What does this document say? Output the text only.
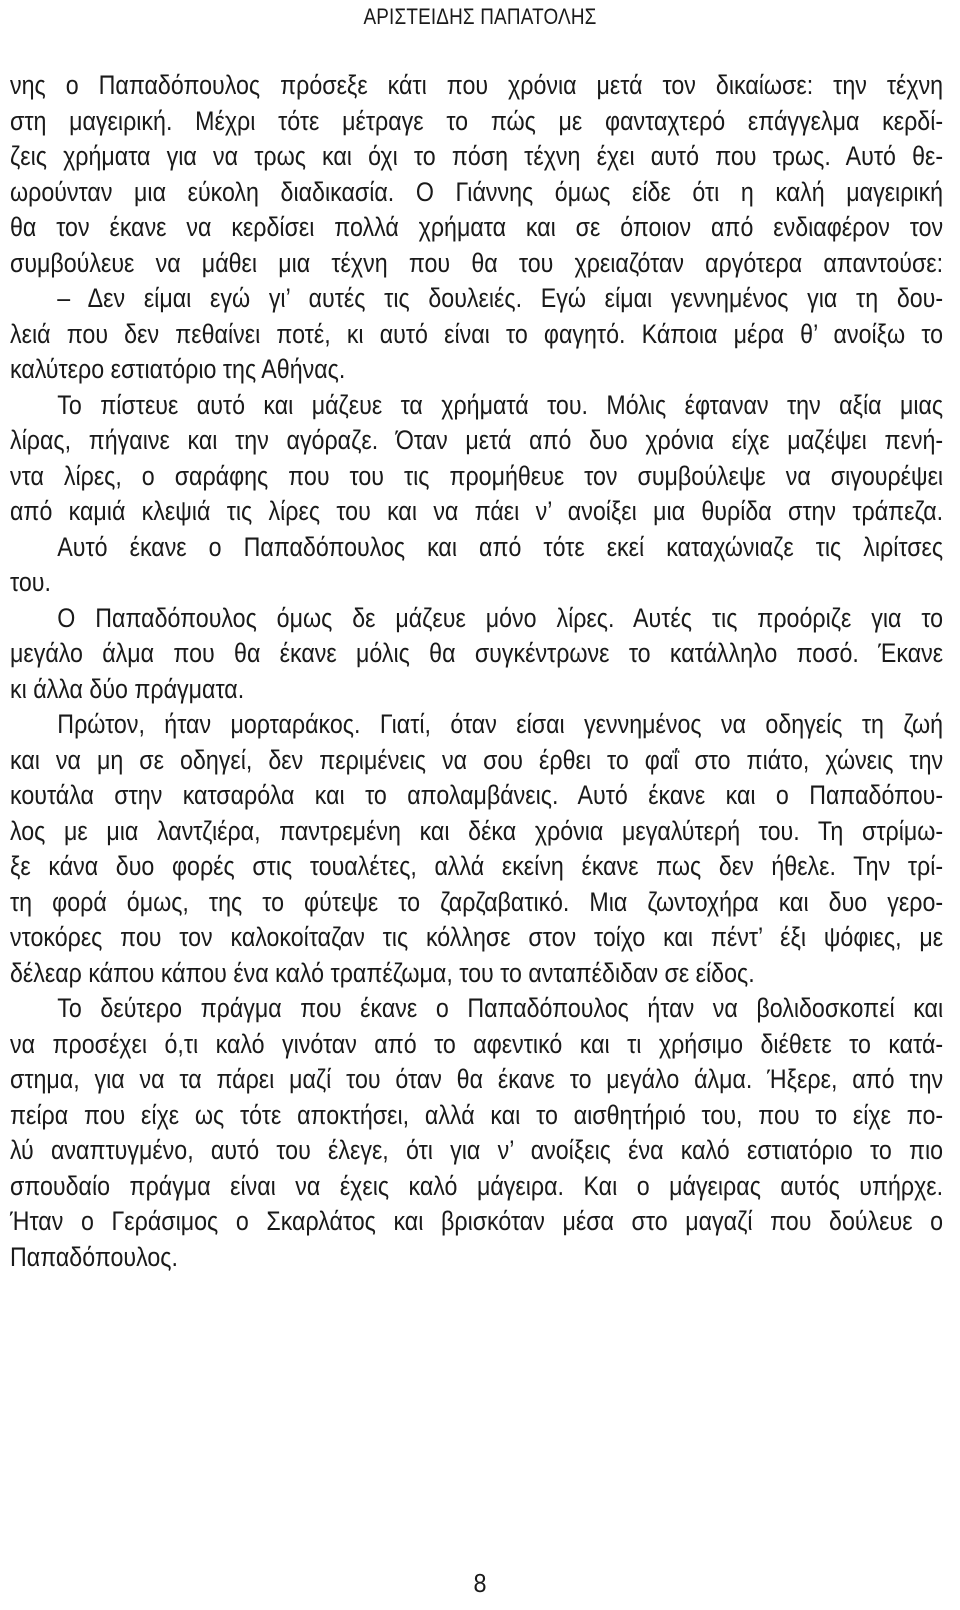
ΑΡΙΣΤΕΙΔΗΣ ΠΑΠΑΤΟΛΗΣ
νης ο Παπαδόπουλος πρόσεξε κάτι που χρόνια μετά τον δικαίωσε: την τέχνη
στη μαγειρική. Μέχρι τότε μέτραγε το πώς με φανταχτερό επάγγελμα κερδί-
ζεις χρήματα για να τρως και όχι το πόση τέχνη έχει αυτό που τρως. Αυτό θε-
ωρούνταν μια εύκολη διαδικασία. Ο Γιάννης όμως είδε ότι η καλή μαγειρική
θα τον έκανε να κερδίσει πολλά χρήματα και σε όποιον από ενδιαφέρον τον
συμβούλευε να μάθει μια τέχνη που θα του χρειαζόταν αργότερα απαντούσε:
– Δεν είμαι εγώ γι’ αυτές τις δουλειές. Εγώ είμαι γεννημένος για τη δου-
λειά που δεν πεθαίνει ποτέ, κι αυτό είναι το φαγητό. Κάποια μέρα θ’ ανοίξω το
καλύτερο εστιατόριο της Αθήνας.
Το πίστευε αυτό και μάζευε τα χρήματά του. Μόλις έφταναν την αξία μιας
λίρας, πήγαινε και την αγόραζε. Όταν μετά από δυο χρόνια είχε μαζέψει πενή-
ντα λίρες, ο σαράφης που του τις προμήθευε τον συμβούλεψε να σιγουρέψει
από καμιά κλεψιά τις λίρες του και να πάει ν’ ανοίξει μια θυρίδα στην τράπεζα.
Αυτό έκανε ο Παπαδόπουλος και από τότε εκεί καταχώνιαζε τις λιρίτσες
του.
Ο Παπαδόπουλος όμως δε μάζευε μόνο λίρες. Αυτές τις προόριζε για το
μεγάλο άλμα που θα έκανε μόλις θα συγκέντρωνε το κατάλληλο ποσό. Έκανε
κι άλλα δύο πράγματα.
Πρώτον, ήταν μορταράκος. Γιατί, όταν είσαι γεννημένος να οδηγείς τη ζωή
και να μη σε οδηγεί, δεν περιμένεις να σου έρθει το φαΐ στο πιάτο, χώνεις την
κουτάλα στην κατσαρόλα και το απολαμβάνεις. Αυτό έκανε και ο Παπαδόπου-
λος με μια λαντζιέρα, παντρεμένη και δέκα χρόνια μεγαλύτερή του. Τη στρίμω-
ξε κάνα δυο φορές στις τουαλέτες, αλλά εκείνη έκανε πως δεν ήθελε. Την τρί-
τη φορά όμως, της το φύτεψε το ζαρζαβατικό. Μια ζωντοχήρα και δυο γερο-
ντοκόρες που τον καλοκοίταζαν τις κόλλησε στον τοίχο και πέντ’ έξι ψόφιες, με
δέλεαρ κάπου κάπου ένα καλό τραπέζωμα, του το ανταπέδιδαν σε είδος.
Το δεύτερο πράγμα που έκανε ο Παπαδόπουλος ήταν να βολιδοσκοπεί και
να προσέχει ό,τι καλό γινόταν από το αφεντικό και τι χρήσιμο διέθετε το κατά-
στημα, για να τα πάρει μαζί του όταν θα έκανε το μεγάλο άλμα. Ήξερε, από την
πείρα που είχε ως τότε αποκτήσει, αλλά και το αισθητήριό του, που το είχε πο-
λύ αναπτυγμένο, αυτό του έλεγε, ότι για ν’ ανοίξεις ένα καλό εστιατόριο το πιο
σπουδαίο πράγμα είναι να έχεις καλό μάγειρα. Και ο μάγειρας αυτός υπήρχε.
Ήταν ο Γεράσιμος ο Σκαρλάτος και βρισκόταν μέσα στο μαγαζί που δούλευε ο
Παπαδόπουλος.
8
